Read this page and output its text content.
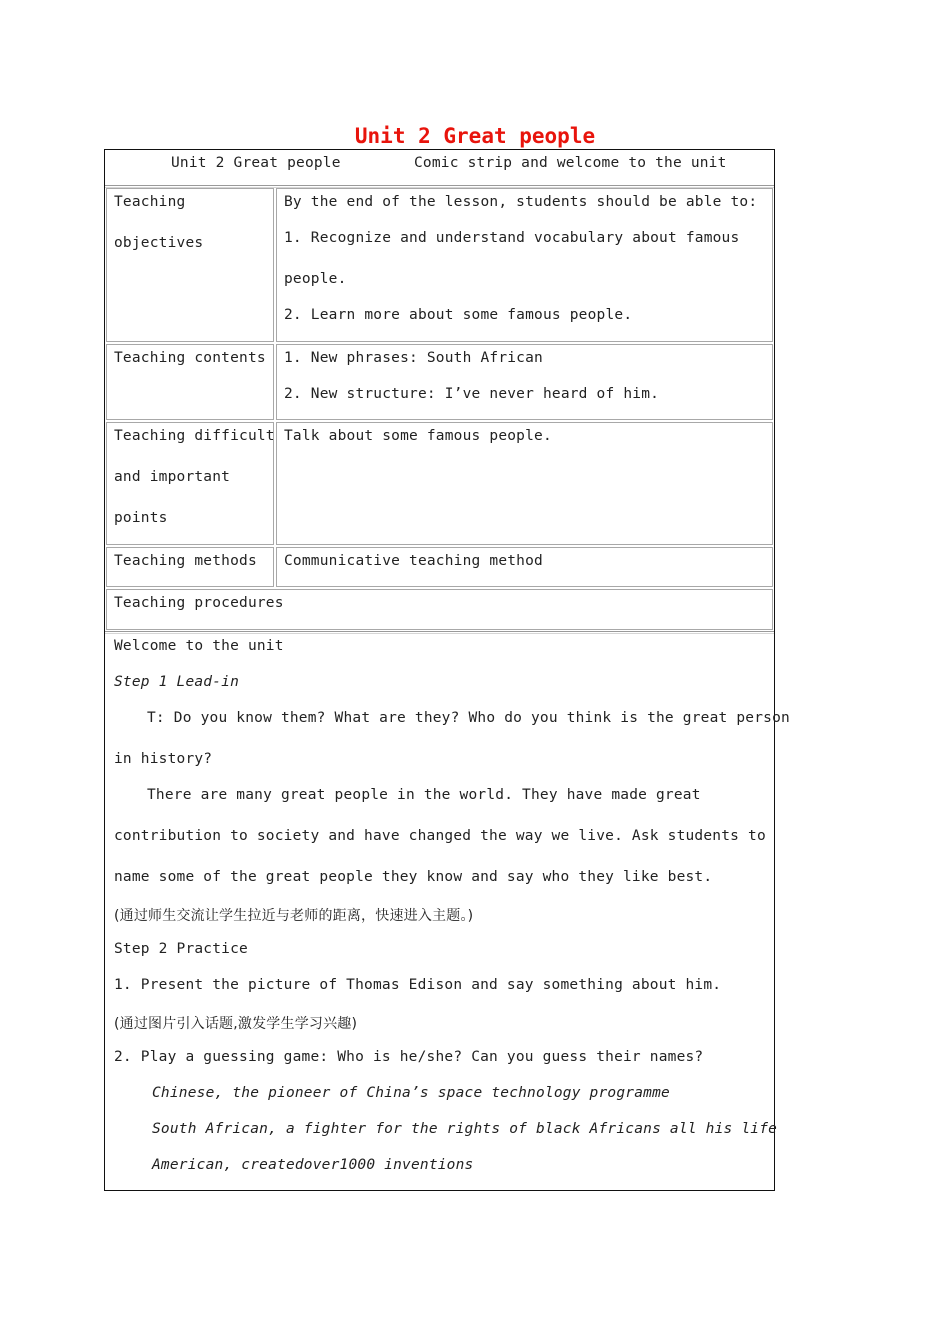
Unit 2 Great people
Unit 2 Great people	Comic strip and welcome to the unit
Teaching
objectives
By the end of the lesson, students should be able to:
1. Recognize and understand vocabulary about famous
people.
2. Learn more about some famous people.
Teaching contents 1. New phrases: South African
2. New structure: I’ve never heard of him.
Teaching difficult
and important
points
Talk about some famous people.
Teaching methods Communicative teaching method
Teaching procedures
Welcome to the unit
Step 1 Lead-in
T: Do you know them? What are they? Who do you think is the great person
in history?
There are many great people in the world. They have made great
contribution to society and have changed the way we live. Ask students to
name some of the great people they know and say who they like best.
(通过师生交流让学生拉近与老师的距离，快速进入主题。)
Step 2 Practice
1. Present the picture of Thomas Edison and say something about him.
(通过图片引入话题,激发学生学习兴趣)
2. Play a guessing game: Who is he/she? Can you guess their names?
Chinese, the pioneer of China’s space technology programme
South African, a fighter for the rights of black Africans all his life
American, createdover1000 inventions
